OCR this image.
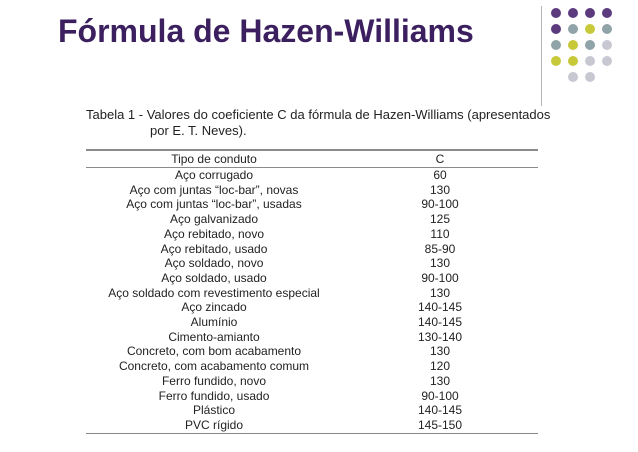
Fórmula de Hazen-Williams
Tabela 1 - Valores do coeficiente C da fórmula de Hazen-Williams (apresentados
por E. T. Neves).
Tipo de conduto	C
Aço corrugado	60
Aço com juntas “loc-bar”, novas	130
Aço com juntas “loc-bar”, usadas	90-100
Aço galvanizado	125
Aço rebitado, novo	110
Aço rebitado, usado	85-90
Aço soldado, novo	130
Aço soldado, usado	90-100
Aço soldado com revestimento especial	130
Aço zincado	140-145
Alumínio	140-145
Cimento-amianto	130-140
Concreto, com bom acabamento	130
Concreto, com acabamento comum	120
Ferro fundido, novo	130
Ferro fundido, usado	90-100
Plástico	140-145
PVC rígido	145-150
